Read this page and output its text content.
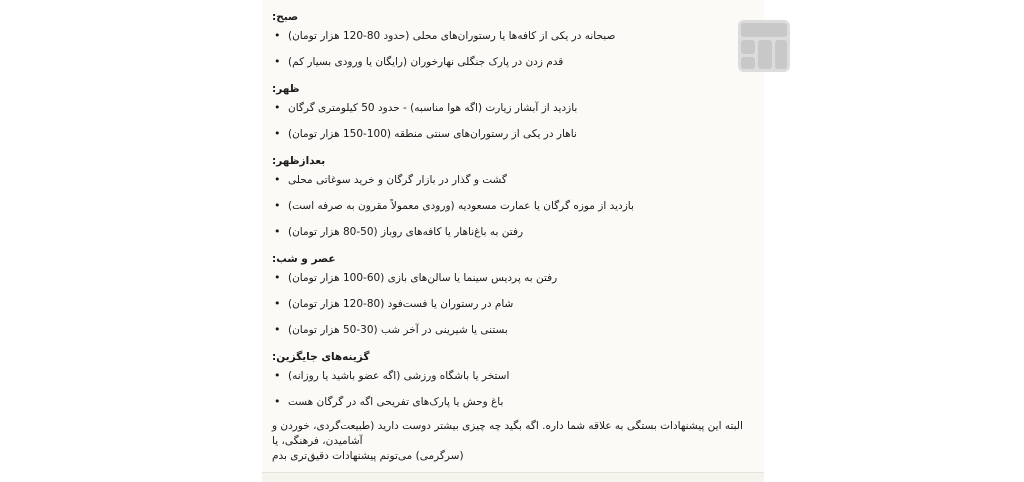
:صبح
• صبحانه در یکی از کافه‌ها یا رستوران‌های محلی (حدود 80-120 هزار تومان)
• قدم زدن در پارک جنگلی نهارخوران (رایگان یا ورودی بسیار کم)
:ظهر
• بازدید از آبشار زیارت (اگه هوا مناسبه) - حدود 50 کیلومتری گرگان
• ناهار در یکی از رستوران‌های سنتی منطقه (100-150 هزار تومان)
:بعدازظهر
• گشت و گذار در بازار گرگان و خرید سوغاتی محلی
• بازدید از موزه گرگان یا عمارت مسعودیه (ورودی معمولاً مقرون به صرفه است)
• رفتن به باغ‌ناهار یا کافه‌های روباز (50-80 هزار تومان)
:عصر و شب
• رفتن به پردیس سینما یا سالن‌های بازی (60-100 هزار تومان)
• شام در رستوران یا فست‌فود (80-120 هزار تومان)
• بستنی یا شیرینی در آخر شب (30-50 هزار تومان)
:گزینه‌های جایگزین
• استخر یا باشگاه ورزشی (اگه عضو باشید یا روزانه)
• باغ وحش یا پارک‌های تفریحی اگه در گرگان هست
البته این پیشنهادات بستگی به علاقه شما داره. اگه بگید چه چیزی بیشتر دوست دارید (طبیعت‌گردی، خوردن و آشامیدن، فرهنگی، یا
(سرگرمی) می‌تونم پیشنهادات دقیق‌تری بدم
